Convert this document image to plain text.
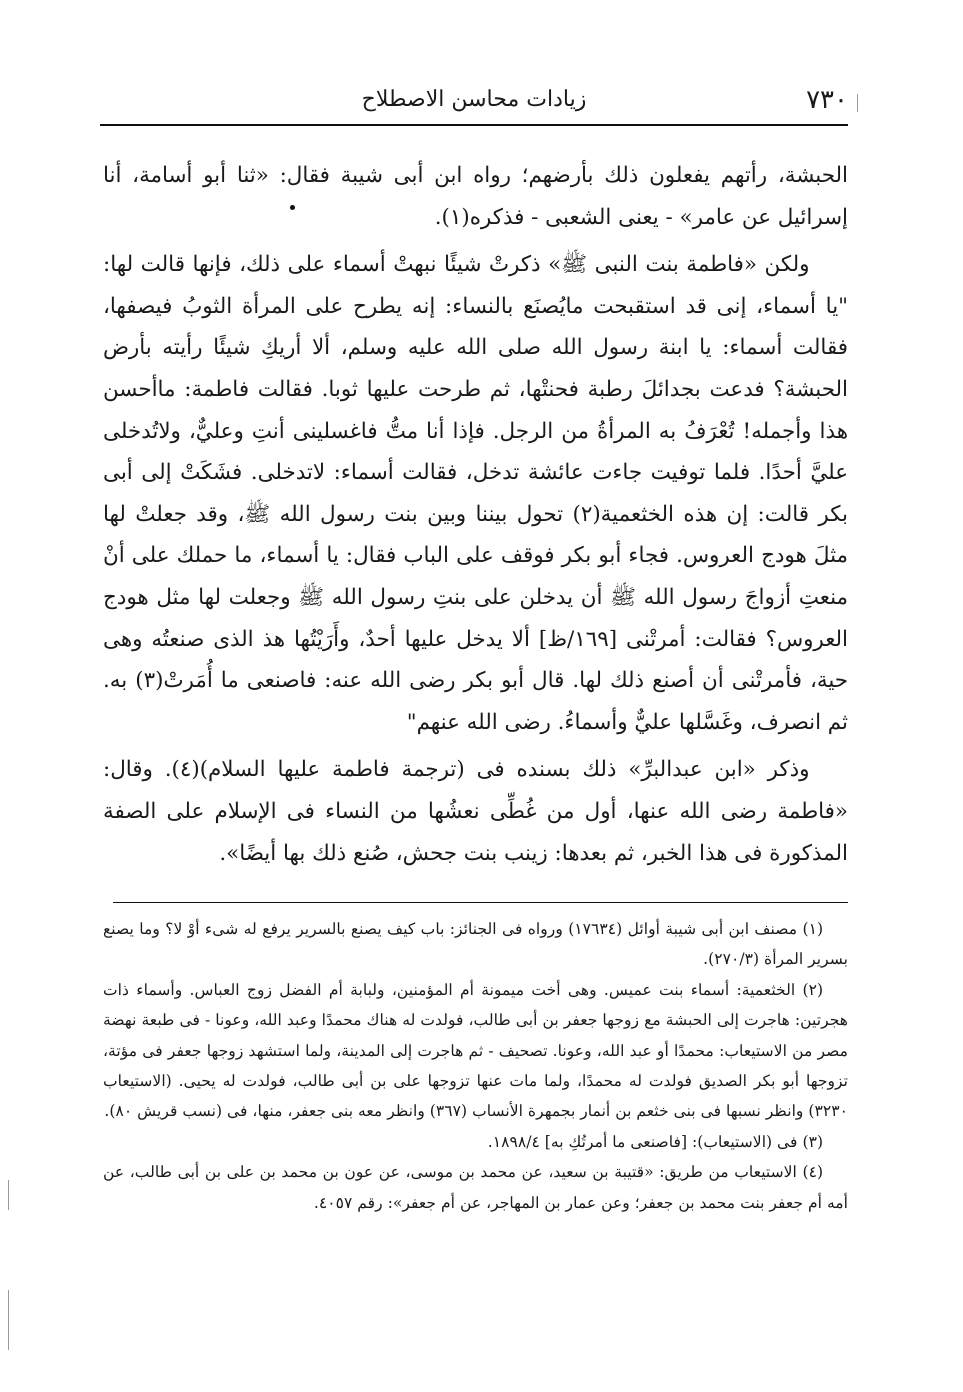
٧٣٠
زيادات محاسن الاصطلاح

الحبشة، رأتهم يفعلون ذلك بأرضهم؛ رواه ابن أبى شيبة فقال: «ثنا أبو أسامة، أنا إسرائيل عن عامر» - يعنى الشعبى - فذكره(١).

ولكن «فاطمة بنت النبى ﷺ» ذكرتْ شيئًا نبهتْ أسماء على ذلك، فإنها قالت لها: "يا أسماء، إنى قد استقبحت مايُصنَع بالنساء: إنه يطرح على المرأة الثوبُ فيصفها، فقالت أسماء: يا ابنة رسول الله صلى الله عليه وسلم، ألا أريكِ شيئًا رأيته بأرض الحبشة؟ فدعت بجدائلَ رطبة فحنتْها، ثم طرحت عليها ثوبا. فقالت فاطمة: ماأحسن هذا وأجمله! تُعْرَفُ به المرأةُ من الرجل. فإذا أنا متُّ فاغسلينى أنتِ وعليٌّ، ولاتُدخلى عليَّ أحدًا. فلما توفيت جاءت عائشة تدخل، فقالت أسماء: لاتدخلى. فشَكَتْ إلى أبى بكر قالت: إن هذه الخثعمية(٢) تحول بيننا وبين بنت رسول الله ﷺ، وقد جعلتْ لها مثلَ هودج العروس. فجاء أبو بكر فوقف على الباب فقال: يا أسماء، ما حملك على أنْ منعتِ أزواجَ رسول الله ﷺ أن يدخلن على بنتِ رسول الله ﷺ وجعلت لها مثل هودج العروس؟ فقالت: أمرتْنى [١٦٩/ظ] ألا يدخل عليها أحدٌ، وأَرَيْتُها هذ الذى صنعتُه وهى حية، فأمرتْنى أن أصنع ذلك لها. قال أبو بكر رضى الله عنه: فاصنعى ما أُمَرتْ(٣) به. ثم انصرف، وغَسَّلها عليٌّ وأسماءُ. رضى الله عنهم"

وذكر «ابن عبدالبرِّ» ذلك بسنده فى (ترجمة فاطمة عليها السلام)(٤). وقال: «فاطمة رضى الله عنها، أول من غُطِّى نعشُها من النساء فى الإسلام على الصفة المذكورة فى هذا الخبر، ثم بعدها: زينب بنت جحش، صُنع ذلك بها أيضًا».

(١) مصنف ابن أبى شيبة أوائل (١٧٦٣٤) ورواه فى الجنائز: باب كيف يصنع بالسرير يرفع له شىء أوْ لا؟ وما يصنع بسرير المرأة (٢٧٠/٣).

(٢) الخثعمية: أسماء بنت عميس. وهى أخت ميمونة أم المؤمنين، ولبابة أم الفضل زوج العباس. وأسماء ذات هجرتين: هاجرت إلى الحبشة مع زوجها جعفر بن أبى طالب، فولدت له هناك محمدًا وعبد الله، وعونا - فى طبعة نهضة مصر من الاستيعاب: محمدًا أو عبد الله، وعونا. تصحيف - ثم هاجرت إلى المدينة، ولما استشهد زوجها جعفر فى مؤتة، تزوجها أبو بكر الصديق فولدت له محمدًا، ولما مات عنها تزوجها على بن أبى طالب، فولدت له يحيى. (الاستيعاب ٣٢٣٠) وانظر نسبها فى بنى خثعم بن أنمار بجمهرة الأنساب (٣٦٧) وانظر معه بنى جعفر، منها، فى (نسب قريش ٨٠).

(٣) فى (الاستيعاب): [فاصنعى ما أمرتُكِ به] ١٨٩٨/٤.

(٤) الاستيعاب من طريق: «قتيبة بن سعيد، عن محمد بن موسى، عن عون بن محمد بن على بن أبى طالب، عن أمه أم جعفر بنت محمد بن جعفر؛ وعن عمار بن المهاجر، عن أم جعفر»: رقم ٤٠٥٧.
